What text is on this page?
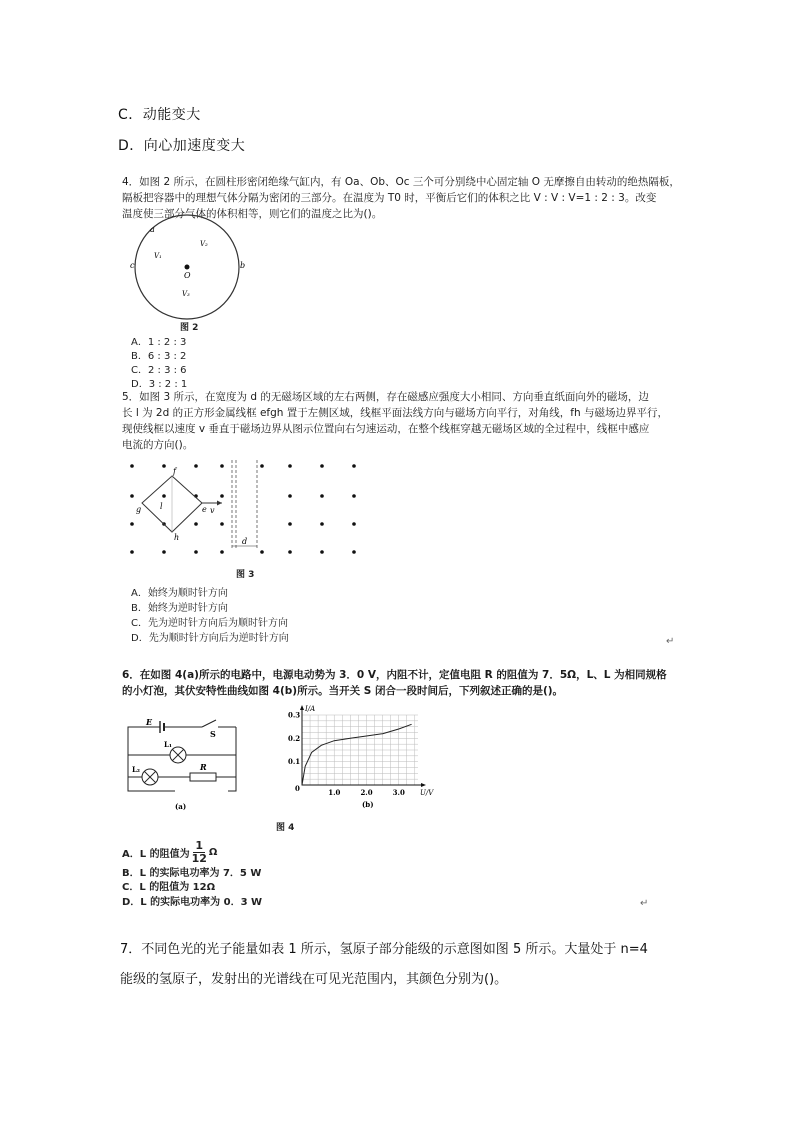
C．动能变大
D．向心加速度变大
4．如图 2 所示，在圆柱形密闭绝缘气缸内，有 Oa、Ob、Oc 三个可分别绕中心固定轴 O 无摩擦自由转动的绝热隔板，
隔板把容器中的理想气体分隔为密闭的三部分。在温度为 T0 时，平衡后它们的体积之比 V : V : V=1 : 2 : 3。改变
温度使三部分气体的体积相等，则它们的温度之比为()。
a
b
c
O
V₂
V₁
V₃
图 2
A．1 : 2 : 3
B．6 : 3 : 2
C．2 : 3 : 6
D．3 : 2 : 1
5．如图 3 所示，在宽度为 d 的无磁场区域的左右两侧，存在磁感应强度大小相同、方向垂直纸面向外的磁场，边
长 l 为 2d 的正方形金属线框 efgh 置于左侧区域，线框平面法线方向与磁场方向平行，对角线，fh 与磁场边界平行，
现使线框以速度 v 垂直于磁场边界从图示位置向右匀速运动，在整个线框穿越无磁场区域的全过程中，线框中感应
电流的方向()。
f
g
h
e
l	v
d
图 3
A．始终为顺时针方向
B．始终为逆时针方向
C．先为逆时针方向后为顺时针方向
D．先为顺时针方向后为逆时针方向	↵
6．在如图 4(a)所示的电路中，电源电动势为 3．0 V，内阻不计，定值电阻 R 的阻值为 7．5Ω，L、L 为相同规格
的小灯泡，其伏安特性曲线如图 4(b)所示。当开关 S 闭合一段时间后，下列叙述正确的是()。
E
S
L₁
L₂	R
(a)
1.0	2.0	3.0
0.1
0.2
0.3
U/V
I/A
0
(b)
图 4
A．L 的阻值为 $\frac{1}{12}$ Ω
B．L 的实际电功率为 7．5 W
C．L 的阻值为 12Ω
D．L 的实际电功率为 0．3 W	↵
7．不同色光的光子能量如表 1 所示，氢原子部分能级的示意图如图 5 所示。大量处于 n=4
能级的氢原子，发射出的光谱线在可见光范围内，其颜色分别为()。
